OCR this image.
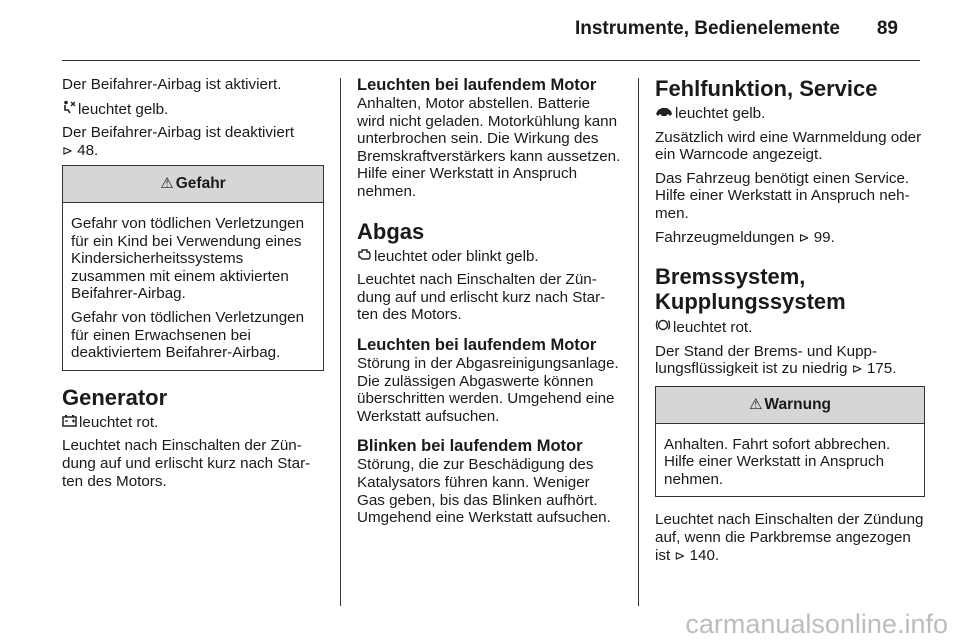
Instrumente, Bedienelemente 89

Der Beifahrer-Airbag ist aktiviert.

leuchtet gelb.

Der Beifahrer-Airbag ist deaktiviert
⊳ 48.

⚠ Gefahr

Gefahr von tödlichen Verletzungen für ein Kind bei Verwendung eines Kindersicherheitssystems zusammen mit einem aktivierten Beifahrer-Airbag.

Gefahr von tödlichen Verletzungen für einen Erwachsenen bei deaktiviertem Beifahrer-Airbag.

Generator

leuchtet rot.

Leuchtet nach Einschalten der Zündung auf und erlischt kurz nach Starten des Motors.

Leuchten bei laufendem Motor

Anhalten, Motor abstellen. Batterie wird nicht geladen. Motorkühlung kann unterbrochen sein. Die Wirkung des Bremskraftverstärkers kann aussetzen. Hilfe einer Werkstatt in Anspruch nehmen.

Abgas

leuchtet oder blinkt gelb.

Leuchtet nach Einschalten der Zündung auf und erlischt kurz nach Starten des Motors.

Leuchten bei laufendem Motor

Störung in der Abgasreinigungsanlage. Die zulässigen Abgaswerte können überschritten werden. Umgehend eine Werkstatt aufsuchen.

Blinken bei laufendem Motor

Störung, die zur Beschädigung des Katalysators führen kann. Weniger Gas geben, bis das Blinken aufhört. Umgehend eine Werkstatt aufsuchen.

Fehlfunktion, Service

leuchtet gelb.

Zusätzlich wird eine Warnmeldung oder ein Warncode angezeigt.

Das Fahrzeug benötigt einen Service. Hilfe einer Werkstatt in Anspruch nehmen.

Fahrzeugmeldungen ⊳ 99.

Bremssystem, Kupplungssystem

leuchtet rot.

Der Stand der Brems- und Kupplungsflüssigkeit ist zu niedrig ⊳ 175.

⚠ Warnung

Anhalten. Fahrt sofort abbrechen. Hilfe einer Werkstatt in Anspruch nehmen.

Leuchtet nach Einschalten der Zündung auf, wenn die Parkbremse angezogen ist ⊳ 140.

carmanualsonline.info
